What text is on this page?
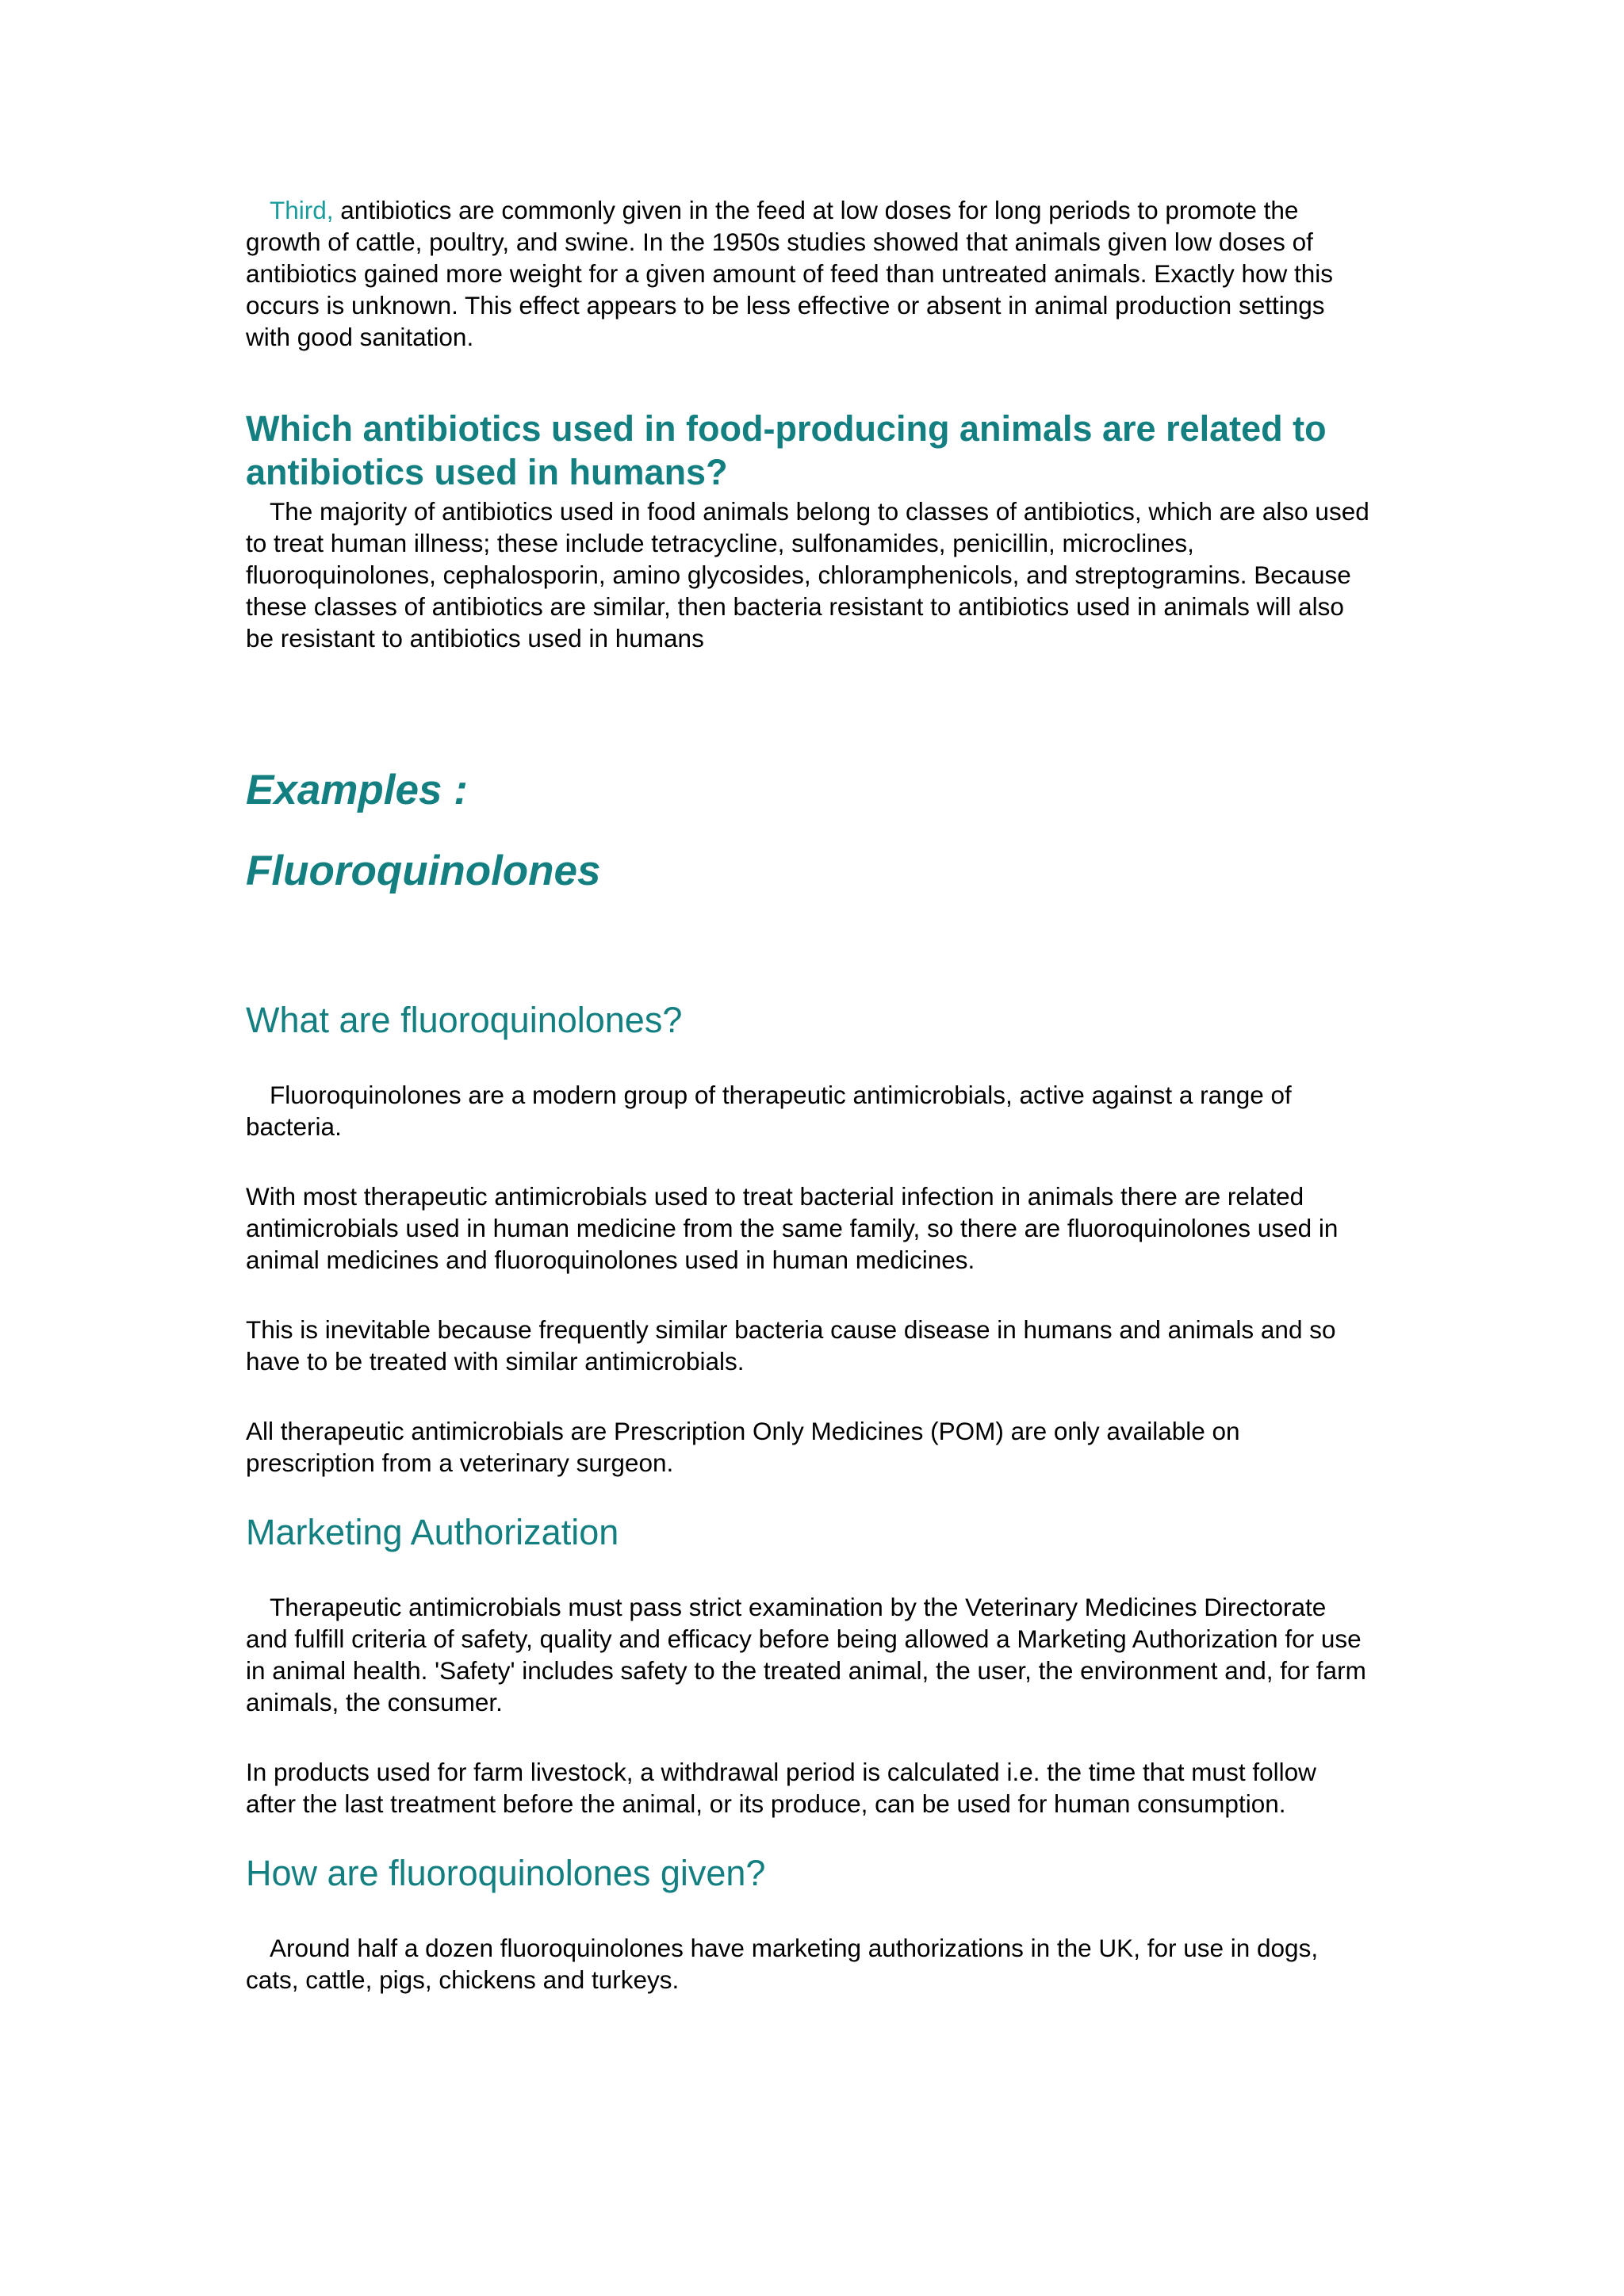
Third, antibiotics are commonly given in the feed at low doses for long periods to promote the growth of cattle, poultry, and swine. In the 1950s studies showed that animals given low doses of antibiotics gained more weight for a given amount of feed than untreated animals. Exactly how this occurs is unknown. This effect appears to be less effective or absent in animal production settings with good sanitation.

Which antibiotics used in food-producing animals are related to antibiotics used in humans?

The majority of antibiotics used in food animals belong to classes of antibiotics, which are also used to treat human illness; these include tetracycline, sulfonamides, penicillin, microclines, fluoroquinolones, cephalosporin, amino glycosides, chloramphenicols, and streptogramins. Because these classes of antibiotics are similar, then bacteria resistant to antibiotics used in animals will also be resistant to antibiotics used in humans

Examples :
Fluoroquinolones
What are fluoroquinolones?

Fluoroquinolones are a modern group of therapeutic antimicrobials, active against a range of bacteria.

With most therapeutic antimicrobials used to treat bacterial infection in animals there are related antimicrobials used in human medicine from the same family, so there are fluoroquinolones used in animal medicines and fluoroquinolones used in human medicines.

This is inevitable because frequently similar bacteria cause disease in humans and animals and so have to be treated with similar antimicrobials.

All therapeutic antimicrobials are Prescription Only Medicines (POM) are only available on prescription from a veterinary surgeon.

Marketing Authorization

Therapeutic antimicrobials must pass strict examination by the Veterinary Medicines Directorate and fulfill criteria of safety, quality and efficacy before being allowed a Marketing Authorization for use in animal health. 'Safety' includes safety to the treated animal, the user, the environment and, for farm animals, the consumer.

In products used for farm livestock, a withdrawal period is calculated i.e. the time that must follow after the last treatment before the animal, or its produce, can be used for human consumption.

How are fluoroquinolones given?

Around half a dozen fluoroquinolones have marketing authorizations in the UK, for use in dogs, cats, cattle, pigs, chickens and turkeys.
